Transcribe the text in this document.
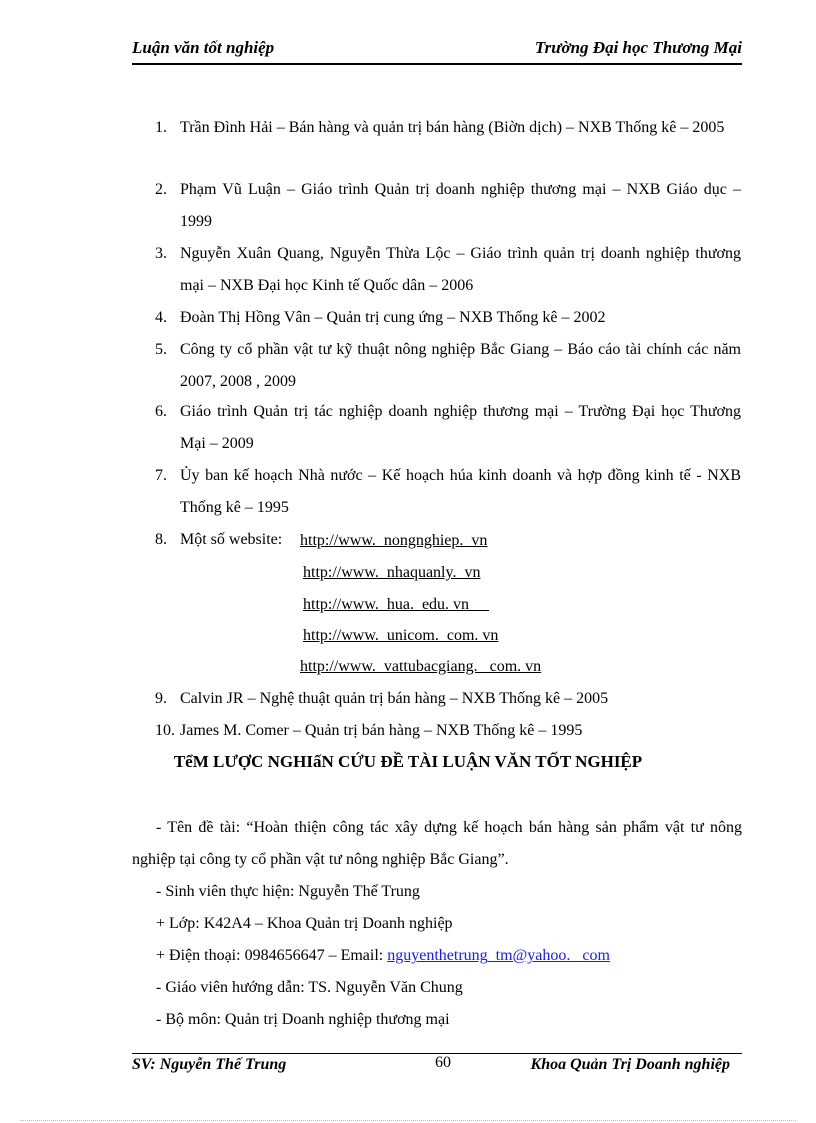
Luận văn tốt nghiệp	Trường Đại học Thương Mại
1. Trần Đình Hải – Bán hàng và quản trị bán hàng (Biờn dịch) – NXB Thống kê – 2005
2. Phạm Vũ Luận – Giáo trình Quản trị doanh nghiệp thương mại – NXB Giáo dục – 1999
3. Nguyễn Xuân Quang, Nguyễn Thừa Lộc – Giáo trình quản trị doanh nghiệp thương mại – NXB Đại học Kinh tế Quốc dân – 2006
4. Đoàn Thị Hồng Vân – Quản trị cung ứng – NXB Thống kê – 2002
5. Công ty cổ phần vật tư kỹ thuật nông nghiệp Bắc Giang – Báo cáo tài chính các năm 2007, 2008 , 2009
6. Giáo trình Quản trị tác nghiệp doanh nghiệp thương mại – Trường Đại học Thương Mại – 2009
7. Ủy ban kế hoạch Nhà nước – Kế hoạch húa kinh doanh và hợp đồng kinh tế - NXB Thống kê – 1995
8. Một số website:	http://www.  nongnghiep.  vn
http://www.  nhaquanly.  vn
http://www.  hua.  edu. vn
http://www.  unicom.  com. vn
http://www.  vattubacgiang.   com. vn
9. Calvin JR – Nghệ thuật quản trị bán hàng – NXB Thống kê – 2005
10. James M. Comer – Quản trị bán hàng – NXB Thống kê – 1995
TểM LƯỢC NGHIấN CỨU ĐỀ TÀI LUẬN VĂN TỐT NGHIỆP
- Tên đề tài: “Hoàn thiện công tác xây dựng kế hoạch bán hàng sản phẩm vật tư nông nghiệp tại công ty cổ phần vật tư nông nghiệp Bắc Giang”.
- Sinh viên thực hiện: Nguyễn Thế Trung
+ Lớp: K42A4 – Khoa Quản trị Doanh nghiệp
+ Điện thoại: 0984656647 – Email: nguyenthetrung_tm@yahoo.   com
- Giáo viên hướng dẫn: TS. Nguyễn Văn Chung
- Bộ môn: Quản trị Doanh nghiệp thương mại
SV: Nguyễn Thế Trung	60	Khoa Quản Trị Doanh nghiệp
